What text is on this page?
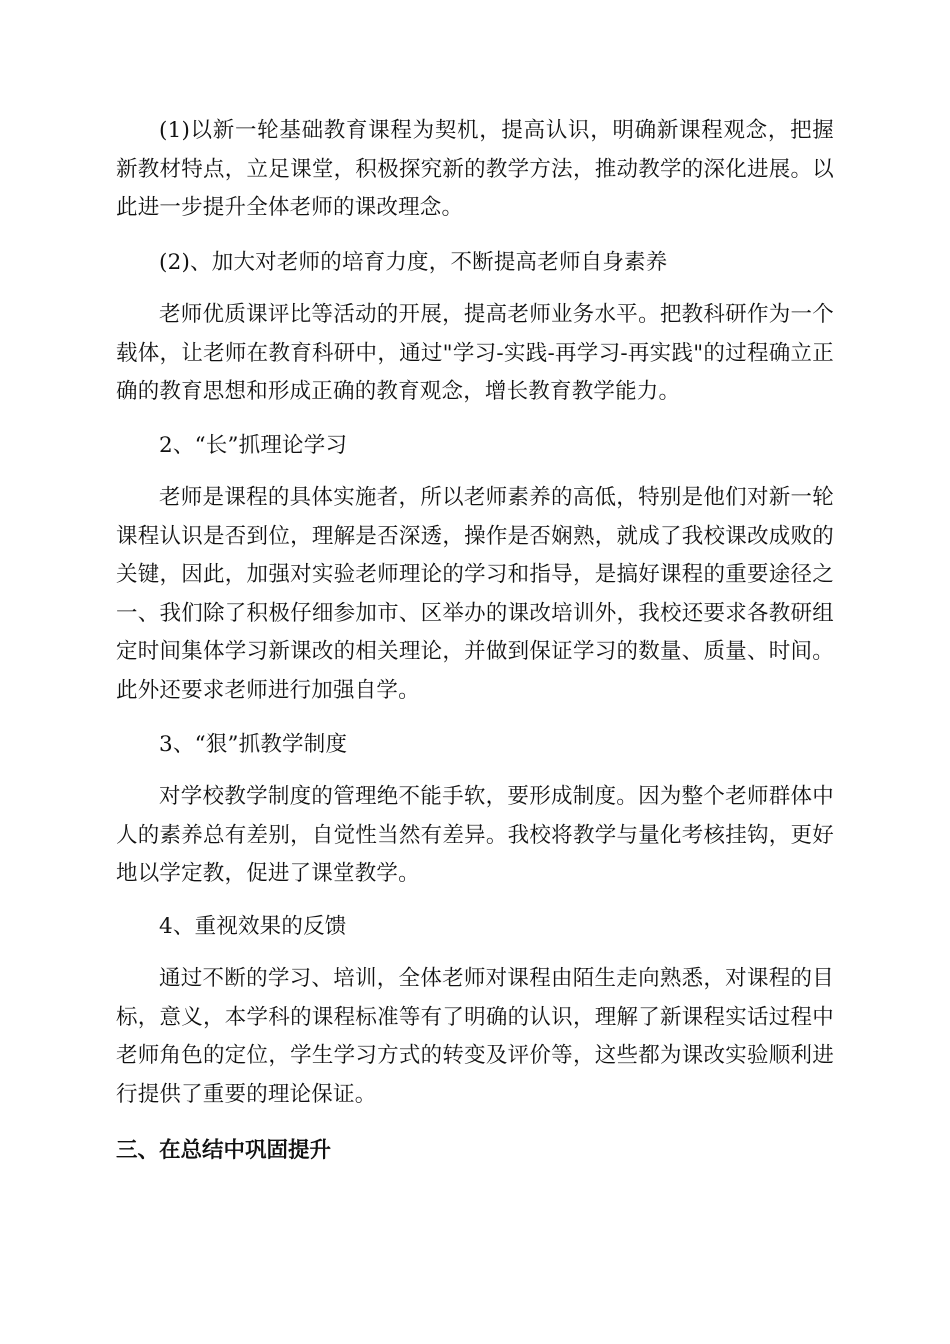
(1)以新一轮基础教育课程为契机，提高认识，明确新课程观念，把握新教材特点，立足课堂，积极探究新的教学方法，推动教学的深化进展。以此进一步提升全体老师的课改理念。

(2)、加大对老师的培育力度，不断提高老师自身素养

老师优质课评比等活动的开展，提高老师业务水平。把教科研作为一个载体，让老师在教育科研中，通过"学习-实践-再学习-再实践"的过程确立正确的教育思想和形成正确的教育观念，增长教育教学能力。

2、“长”抓理论学习

老师是课程的具体实施者，所以老师素养的高低，特别是他们对新一轮课程认识是否到位，理解是否深透，操作是否娴熟，就成了我校课改成败的关键，因此，加强对实验老师理论的学习和指导，是搞好课程的重要途径之一、我们除了积极仔细参加市、区举办的课改培训外，我校还要求各教研组定时间集体学习新课改的相关理论，并做到保证学习的数量、质量、时间。此外还要求老师进行加强自学。

3、“狠”抓教学制度

对学校教学制度的管理绝不能手软，要形成制度。因为整个老师群体中人的素养总有差别，自觉性当然有差异。我校将教学与量化考核挂钩，更好地以学定教，促进了课堂教学。

4、重视效果的反馈

通过不断的学习、培训，全体老师对课程由陌生走向熟悉，对课程的目标，意义，本学科的课程标准等有了明确的认识，理解了新课程实话过程中老师角色的定位，学生学习方式的转变及评价等，这些都为课改实验顺利进行提供了重要的理论保证。

三、在总结中巩固提升
